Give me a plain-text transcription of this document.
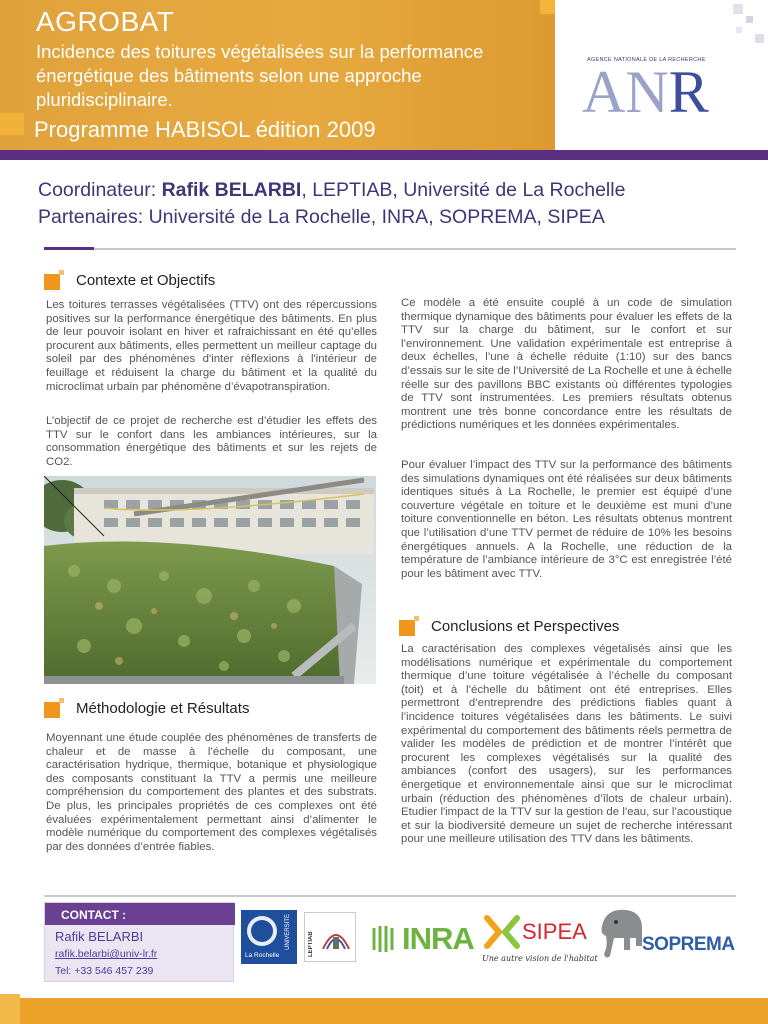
AGROBAT
Incidence des toitures végétalisées sur la performance énergétique des bâtiments selon une approche pluridisciplinaire.
Programme HABISOL édition 2009
AGENCE NATIONALE DE LA RECHERCHE
ANR
Coordinateur: Rafik BELARBI, LEPTIAB, Université de La Rochelle
Partenaires: Université de La Rochelle, INRA, SOPREMA, SIPEA
Contexte et Objectifs
Les toitures terrasses végétalisées (TTV) ont des répercussions positives sur la performance énergétique des bâtiments. En plus de leur pouvoir isolant en hiver et rafraichissant en été qu’elles procurent aux bâtiments, elles permettent un meilleur captage du soleil par des phénomènes d'inter réflexions à l'intérieur de feuillage et réduisent la charge du bâtiment et la qualité du microclimat urbain par phénomène d’évapotranspiration.
L’objectif de ce projet de recherche est d’étudier les effets des TTV sur le confort dans les ambiances intérieures, sur la consommation énergétique des bâtiments et sur les rejets de CO2.
Méthodologie et Résultats
Moyennant une étude couplée des phénomènes de transferts de chaleur et de masse à l’échelle du composant, une caractérisation hydrique, thermique, botanique et physiologique des composants constituant la TTV a permis une meilleure compréhension du comportement des plantes et des substrats. De plus, les principales propriétés de ces complexes ont été évaluées expérimentalement permettant ainsi d’alimenter le modèle numérique du comportement des complexes végétalisés par des données d’entrée fiables.
Ce modèle a été ensuite couplé à un code de simulation thermique dynamique des bâtiments pour évaluer les effets de la TTV sur la charge du bâtiment, sur le confort et sur l’environnement. Une validation expérimentale est entreprise à deux échelles, l’une à échelle réduite (1:10) sur des bancs d’essais sur le site de l’Université de La Rochelle et une à échelle réelle sur des pavillons BBC existants où différentes typologies de TTV sont instrumentées. Les premiers résultats obtenus montrent une très bonne concordance entre les résultats de prédictions numériques et les données expérimentales.
Pour évaluer l’impact des TTV sur la performance des bâtiments des simulations dynamiques ont été réalisées sur deux bâtiments identiques situés à La Rochelle, le premier est équipé d’une couverture végétale en toiture et le deuxième est muni d’une toiture conventionnelle en béton. Les résultats obtenus montrent que l’utilisation d’une TTV permet de réduire de 10% les besoins énergétiques annuels. A la Rochelle, une réduction de la température de l’ambiance intérieure de 3°C est enregistrée l’été pour les bâtiment avec TTV.
Conclusions et Perspectives
La caractérisation des complexes végetalisés ainsi que les modélisations numérique et expérimentale du comportement thermique d’une toiture végétalisée à l’échelle du composant (toit) et à l’échelle du bâtiment ont été entreprises. Elles permettront d’entreprendre des prédictions fiables quant à l’incidence toitures végétalisées dans les bâtiments. Le suivi expérimental du comportement des bâtiments réels permettra de valider les modèles de prédiction et de montrer l’intérêt que procurent les complexes végétalisés sur la qualité des ambiances (confort des usagers), sur les performances énergetique et environnementale ainsi que sur le microclimat urbain (réduction des phénomènes d’îlots de chaleur urbain). Etudier l'impact de la TTV sur la gestion de l'eau, sur l’acoustique et sur la biodiversité demeure un sujet de recherche intéressant pour une meilleure utilisation des TTV dans les bâtiments.
CONTACT :
Rafik BELARBI
rafik.belarbi@univ-lr.fr
Tel: +33 546 457 239
UNIVERSITÉ
La Rochelle	LEPTIAB	INRA SIPEA
Une autre vision de l'habitat
SOPREMA
